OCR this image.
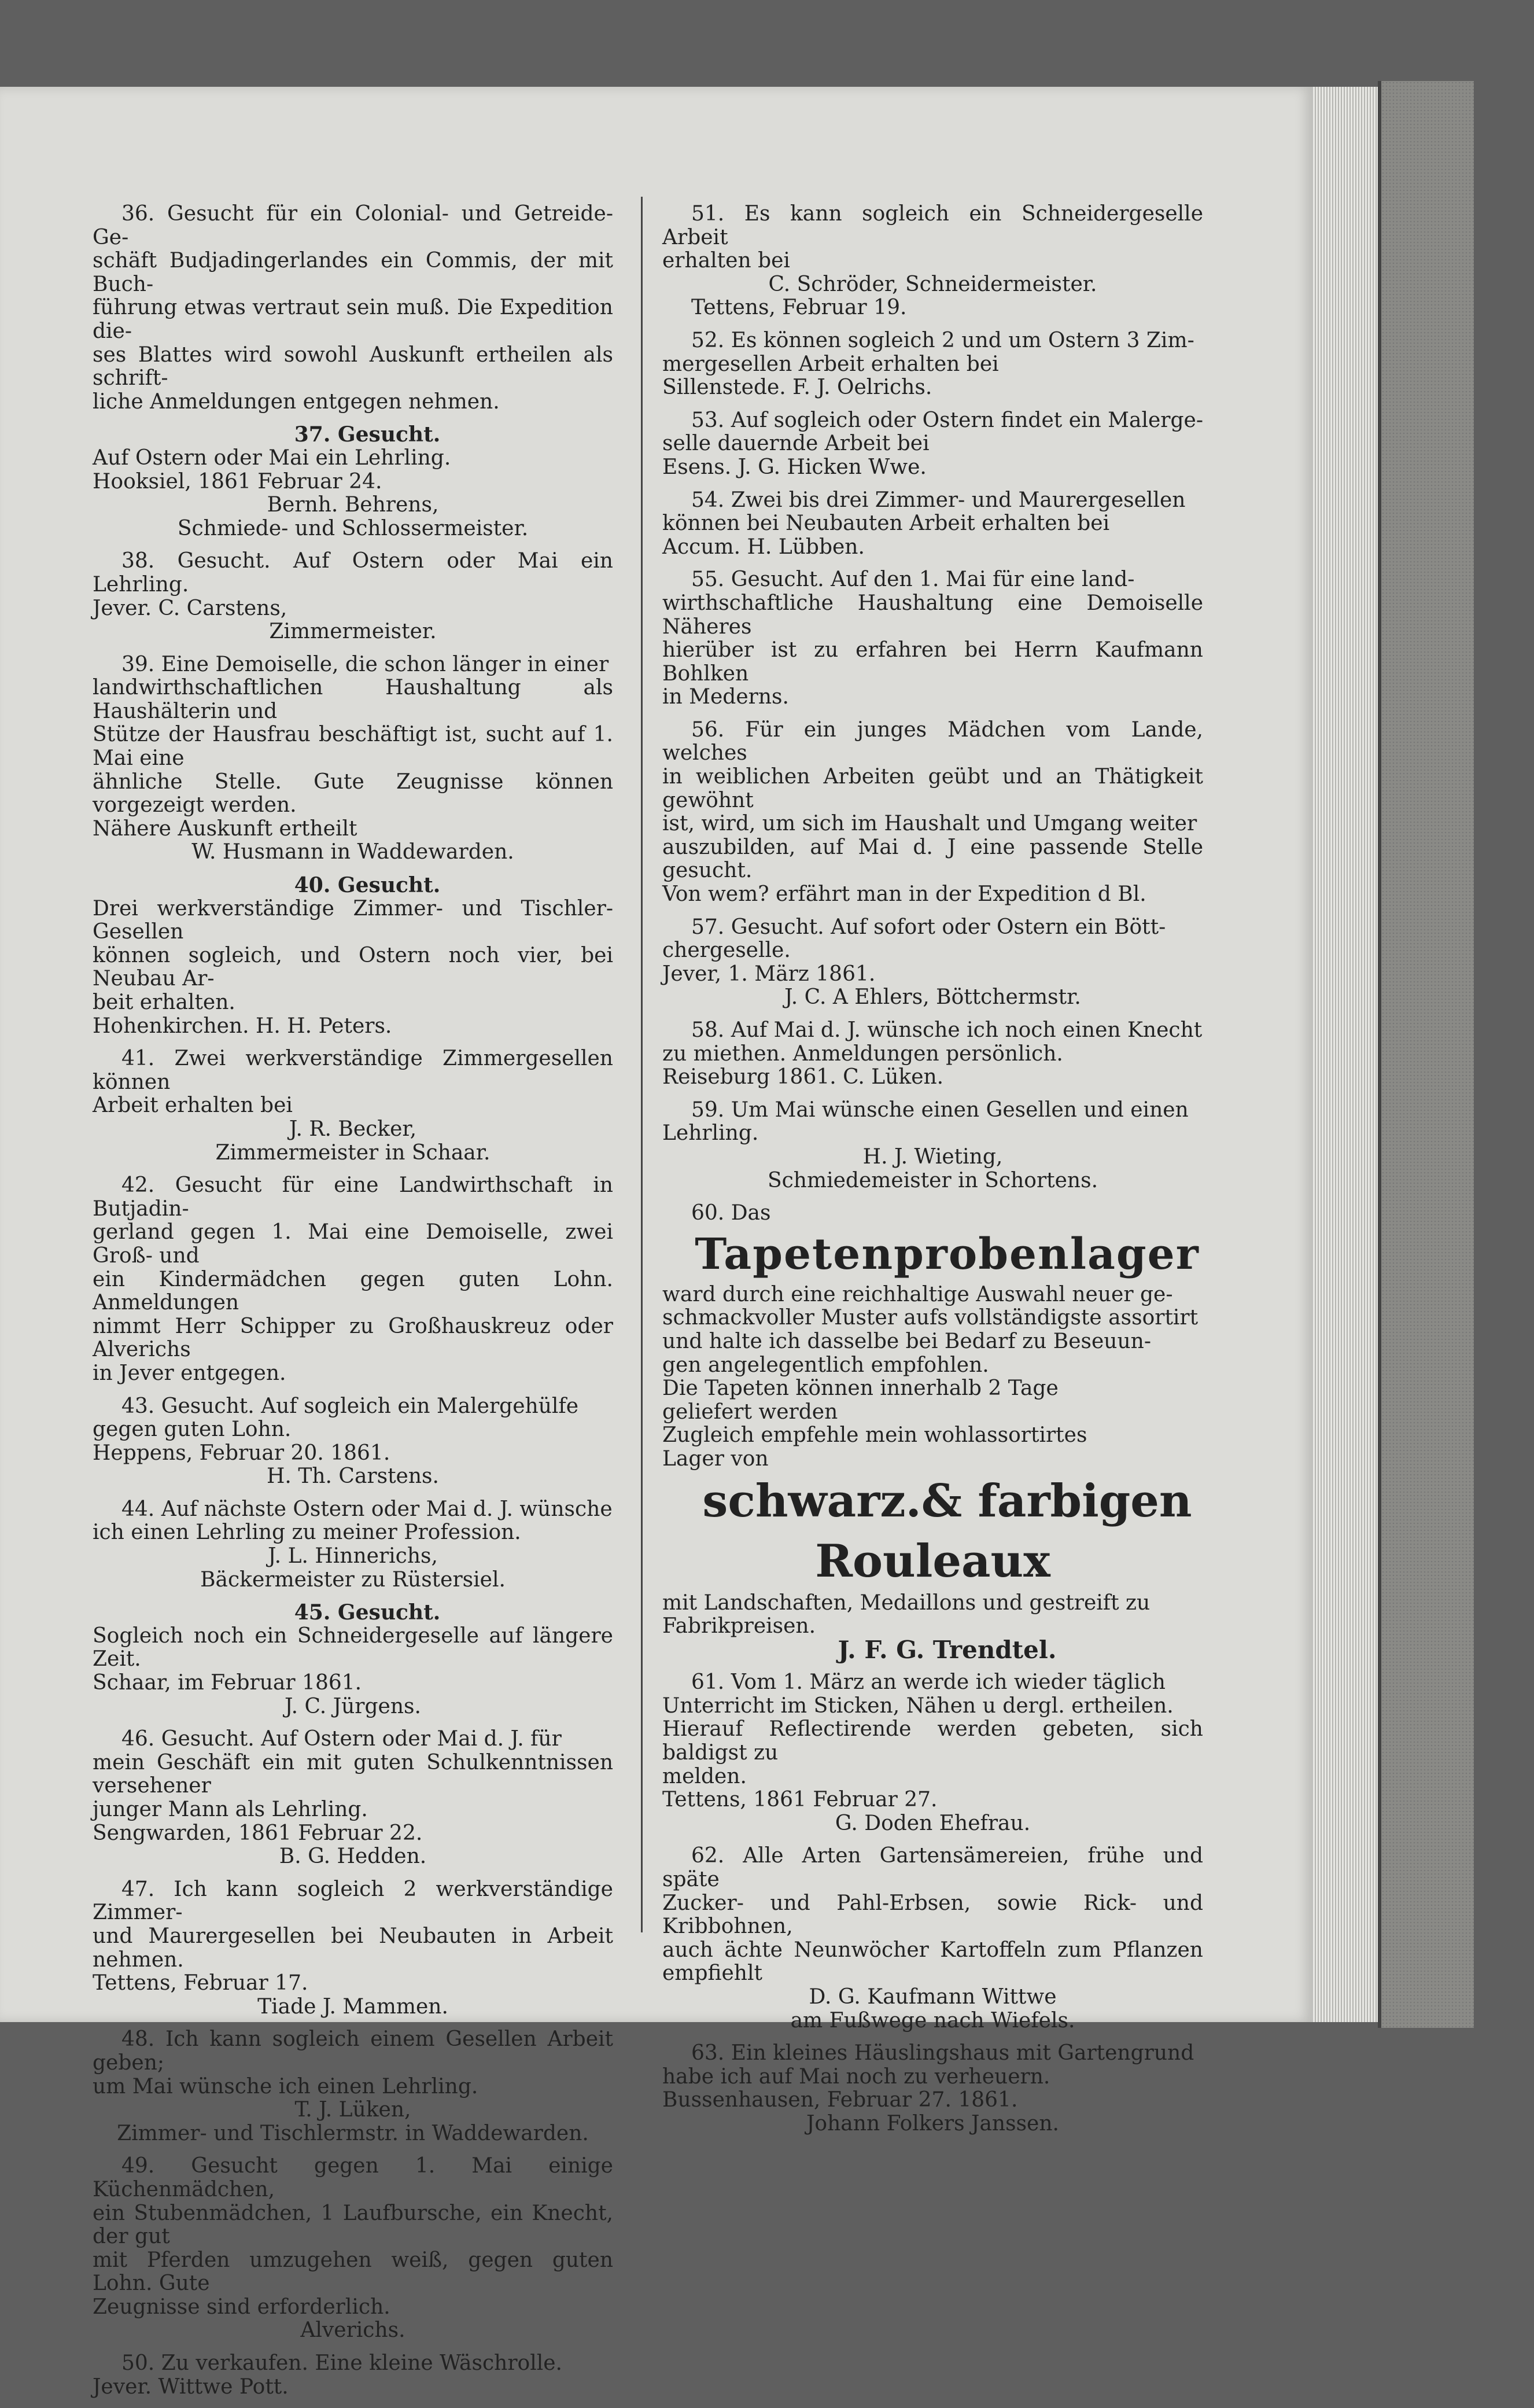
36. Gesucht für ein Colonial- und Getreide-Ge-

schäft Budjadingerlandes ein Commis, der mit Buch-

führung etwas vertraut sein muß. Die Expedition die-

ses Blattes wird sowohl Auskunft ertheilen als schrift-

liche Anmeldungen entgegen nehmen.

37. Gesucht.

Auf Ostern oder Mai ein Lehrling.

Hooksiel, 1861 Februar 24.

Bernh. Behrens,

Schmiede- und Schlossermeister.

38. Gesucht. Auf Ostern oder Mai ein Lehrling.

Jever. C. Carstens,

Zimmermeister.

39. Eine Demoiselle, die schon länger in einer

landwirthschaftlichen Haushaltung als Haushälterin und

Stütze der Hausfrau beschäftigt ist, sucht auf 1. Mai eine

ähnliche Stelle. Gute Zeugnisse können vorgezeigt werden.

Nähere Auskunft ertheilt

W. Husmann in Waddewarden.

40. Gesucht.

Drei werkverständige Zimmer- und Tischler-Gesellen

können sogleich, und Ostern noch vier, bei Neubau Ar-

beit erhalten.

Hohenkirchen. H. H. Peters.

41. Zwei werkverständige Zimmergesellen können

Arbeit erhalten bei

J. R. Becker,

Zimmermeister in Schaar.

42. Gesucht für eine Landwirthschaft in Butjadin-

gerland gegen 1. Mai eine Demoiselle, zwei Groß- und

ein Kindermädchen gegen guten Lohn. Anmeldungen

nimmt Herr Schipper zu Großhauskreuz oder Alverichs

in Jever entgegen.

43. Gesucht. Auf sogleich ein Malergehülfe

gegen guten Lohn.

Heppens, Februar 20. 1861.

H. Th. Carstens.

44. Auf nächste Ostern oder Mai d. J. wünsche

ich einen Lehrling zu meiner Profession.

J. L. Hinnerichs,

Bäckermeister zu Rüstersiel.

45. Gesucht.

Sogleich noch ein Schneidergeselle auf längere Zeit.

Schaar, im Februar 1861.

J. C. Jürgens.

46. Gesucht. Auf Ostern oder Mai d. J. für

mein Geschäft ein mit guten Schulkenntnissen versehener

junger Mann als Lehrling.

Sengwarden, 1861 Februar 22.

B. G. Hedden.

47. Ich kann sogleich 2 werkverständige Zimmer-

und Maurergesellen bei Neubauten in Arbeit nehmen.

Tettens, Februar 17.

Tiade J. Mammen.

48. Ich kann sogleich einem Gesellen Arbeit geben;

um Mai wünsche ich einen Lehrling.

T. J. Lüken,

Zimmer- und Tischlermstr. in Waddewarden.

49. Gesucht gegen 1. Mai einige Küchenmädchen,

ein Stubenmädchen, 1 Laufbursche, ein Knecht, der gut

mit Pferden umzugehen weiß, gegen guten Lohn. Gute

Zeugnisse sind erforderlich.

Alverichs.

50. Zu verkaufen. Eine kleine Wäschrolle.

Jever. Wittwe Pott.

51. Es kann sogleich ein Schneidergeselle Arbeit

erhalten bei

C. Schröder, Schneidermeister.

Tettens, Februar 19.

52. Es können sogleich 2 und um Ostern 3 Zim-

mergesellen Arbeit erhalten bei

Sillenstede. F. J. Oelrichs.

53. Auf sogleich oder Ostern findet ein Malerge-

selle dauernde Arbeit bei

Esens. J. G. Hicken Wwe.

54. Zwei bis drei Zimmer- und Maurergesellen

können bei Neubauten Arbeit erhalten bei

Accum. H. Lübben.

55. Gesucht. Auf den 1. Mai für eine land-

wirthschaftliche Haushaltung eine Demoiselle Näheres

hierüber ist zu erfahren bei Herrn Kaufmann Bohlken

in Mederns.

56. Für ein junges Mädchen vom Lande, welches

in weiblichen Arbeiten geübt und an Thätigkeit gewöhnt

ist, wird, um sich im Haushalt und Umgang weiter

auszubilden, auf Mai d. J eine passende Stelle gesucht.

Von wem? erfährt man in der Expedition d Bl.

57. Gesucht. Auf sofort oder Ostern ein Bött-

chergeselle.

Jever, 1. März 1861.

J. C. A Ehlers, Böttchermstr.

58. Auf Mai d. J. wünsche ich noch einen Knecht

zu miethen. Anmeldungen persönlich.

Reiseburg 1861. C. Lüken.

59. Um Mai wünsche einen Gesellen und einen

Lehrling.

H. J. Wieting,

Schmiedemeister in Schortens.

60. Das

Tapetenprobenlager

ward durch eine reichhaltige Auswahl neuer ge-

schmackvoller Muster aufs vollständigste assortirt

und halte ich dasselbe bei Bedarf zu Beseuun-

gen angelegentlich empfohlen.

Die Tapeten können innerhalb 2 Tage

geliefert werden

Zugleich empfehle mein wohlassortirtes

Lager von

schwarz.& farbigen Rouleaux

mit Landschaften, Medaillons und gestreift zu

Fabrikpreisen.

J. F. G. Trendtel.

61. Vom 1. März an werde ich wieder täglich

Unterricht im Sticken, Nähen u dergl. ertheilen.

Hierauf Reflectirende werden gebeten, sich baldigst zu

melden.

Tettens, 1861 Februar 27.

G. Doden Ehefrau.

62. Alle Arten Gartensämereien, frühe und späte

Zucker- und Pahl-Erbsen, sowie Rick- und Kribbohnen,

auch ächte Neunwöcher Kartoffeln zum Pflanzen empfiehlt

D. G. Kaufmann Wittwe

am Fußwege nach Wiefels.

63. Ein kleines Häuslingshaus mit Gartengrund

habe ich auf Mai noch zu verheuern.

Bussenhausen, Februar 27. 1861.

Johann Folkers Janssen.
